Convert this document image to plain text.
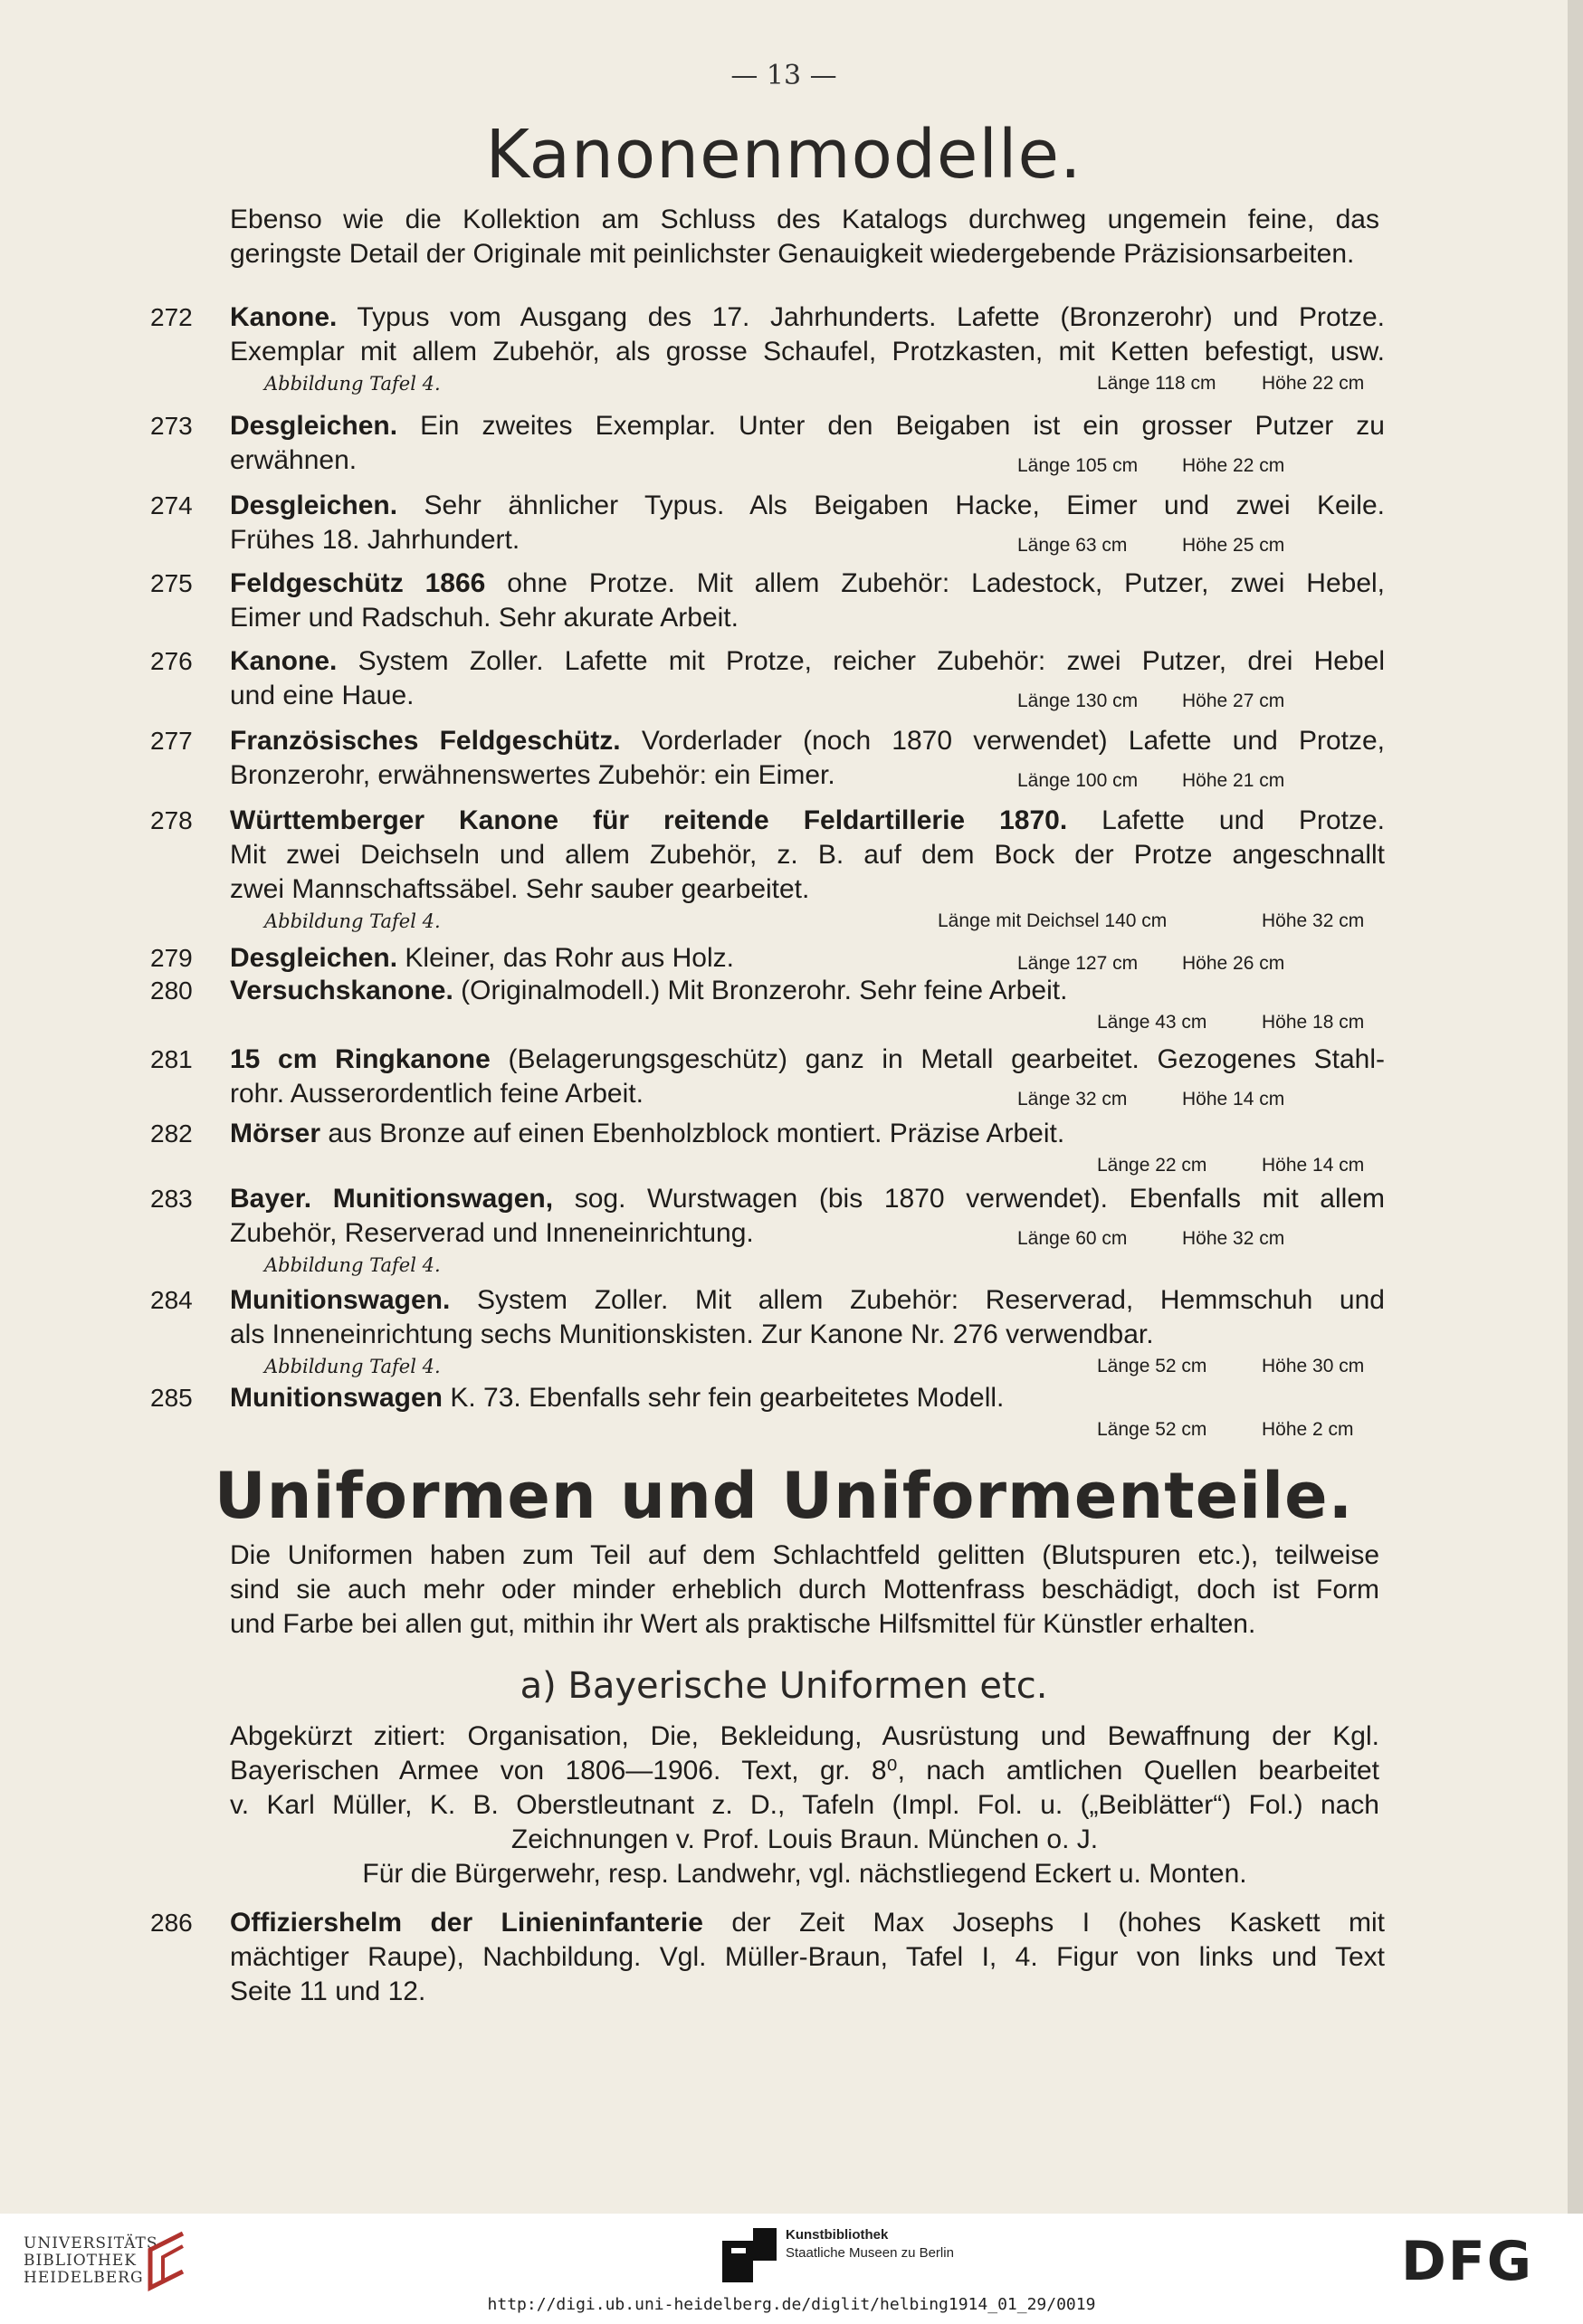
— 13 —
Kanonenmodelle.
Ebenso wie die Kollektion am Schluss des Katalogs durchweg ungemein feine, das
geringste Detail der Originale mit peinlichster Genauigkeit wiedergebende Präzisionsarbeiten.
272	Kanone. Typus vom Ausgang des 17. Jahrhunderts. Lafette (Bronzerohr) und Protze.
Exemplar mit allem Zubehör, als grosse Schaufel, Protzkasten, mit Ketten befestigt, usw.
Abbildung Tafel 4.	Länge 118 cm Höhe 22 cm
273	Desgleichen. Ein zweites Exemplar. Unter den Beigaben ist ein grosser Putzer zu
erwähnen.	Länge 105 cm Höhe 22 cm
274	Desgleichen. Sehr ähnlicher Typus. Als Beigaben Hacke, Eimer und zwei Keile.
Frühes 18. Jahrhundert.	Länge 63 cm	Höhe 25 cm
275	Feldgeschütz 1866 ohne Protze. Mit allem Zubehör: Ladestock, Putzer, zwei Hebel,
Eimer und Radschuh. Sehr akurate Arbeit.
276	Kanone. System Zoller. Lafette mit Protze, reicher Zubehör: zwei Putzer, drei Hebel
und eine Haue.	Länge 130 cm Höhe 27 cm
277	Französisches Feldgeschütz. Vorderlader (noch 1870 verwendet) Lafette und Protze,
Bronzerohr, erwähnenswertes Zubehör: ein Eimer.	Länge 100 cm Höhe 21 cm
278	Württemberger Kanone für reitende Feldartillerie 1870. Lafette und Protze.
Mit zwei Deichseln und allem Zubehör, z. B. auf dem Bock der Protze angeschnallt
zwei Mannschaftssäbel. Sehr sauber gearbeitet.
Abbildung Tafel 4.	Länge mit Deichsel 140 cm	Höhe 32 cm
279	Desgleichen. Kleiner, das Rohr aus Holz.	Länge 127 cm Höhe 26 cm
280	Versuchskanone. (Originalmodell.) Mit Bronzerohr. Sehr feine Arbeit.
Länge 43 cm	Höhe 18 cm
281	15 cm Ringkanone (Belagerungsgeschütz) ganz in Metall gearbeitet. Gezogenes Stahl-
rohr. Ausserordentlich feine Arbeit.	Länge 32 cm	Höhe 14 cm
282	Mörser aus Bronze auf einen Ebenholzblock montiert. Präzise Arbeit.
Länge 22 cm	Höhe 14 cm
283	Bayer. Munitionswagen, sog. Wurstwagen (bis 1870 verwendet). Ebenfalls mit allem
Zubehör, Reserverad und Inneneinrichtung.	Länge 60 cm	Höhe 32 cm
Abbildung Tafel 4.
284	Munitionswagen. System Zoller. Mit allem Zubehör: Reserverad, Hemmschuh und
als Inneneinrichtung sechs Munitionskisten. Zur Kanone Nr. 276 verwendbar.
Abbildung Tafel 4.	Länge 52 cm	Höhe 30 cm
285	Munitionswagen K. 73. Ebenfalls sehr fein gearbeitetes Modell.
Länge 52 cm	Höhe 2 cm
Uniformen und Uniformenteile.
Die Uniformen haben zum Teil auf dem Schlachtfeld gelitten (Blutspuren etc.), teilweise
sind sie auch mehr oder minder erheblich durch Mottenfrass beschädigt, doch ist Form
und Farbe bei allen gut, mithin ihr Wert als praktische Hilfsmittel für Künstler erhalten.
a) Bayerische Uniformen etc.
Abgekürzt zitiert: Organisation, Die, Bekleidung, Ausrüstung und Bewaffnung der Kgl.
Bayerischen Armee von 1806—1906. Text, gr. 8⁰, nach amtlichen Quellen bearbeitet
v. Karl Müller, K. B. Oberstleutnant z. D., Tafeln (Impl. Fol. u. („Beiblätter“) Fol.) nach
Zeichnungen v. Prof. Louis Braun. München o. J.
Für die Bürgerwehr, resp. Landwehr, vgl. nächstliegend Eckert u. Monten.
286	Offiziershelm der Linieninfanterie der Zeit Max Josephs I (hohes Kaskett mit
mächtiger Raupe), Nachbildung. Vgl. Müller-Braun, Tafel I, 4. Figur von links und Text
Seite 11 und 12.
UNIVERSITÄTS-
BIBLIOTHEK
HEIDELBERG
Kunstbibliothek
Staatliche Museen zu Berlin	DFG
http://digi.ub.uni-heidelberg.de/diglit/helbing1914_01_29/0019
